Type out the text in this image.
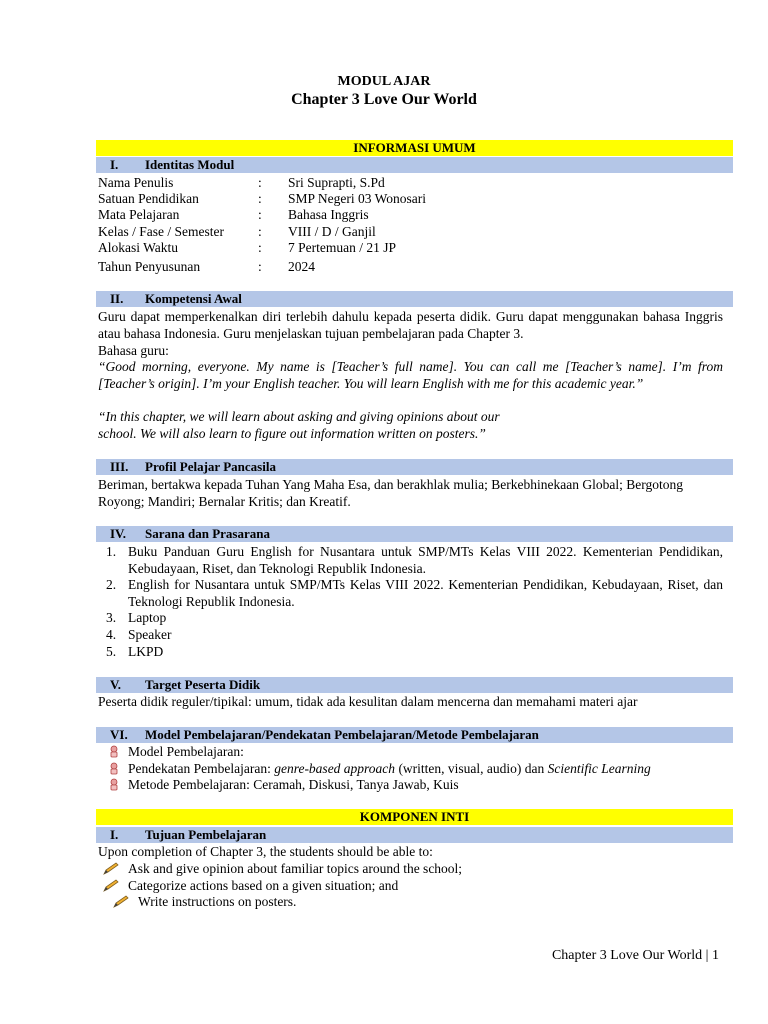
MODUL AJAR
Chapter 3 Love Our World
INFORMASI UMUM
I. Identitas Modul
Nama Penulis	: Sri Suprapti, S.Pd
Satuan Pendidikan	: SMP Negeri 03 Wonosari
Mata Pelajaran	: Bahasa Inggris
Kelas / Fase / Semester	: VIII / D / Ganjil
Alokasi Waktu	: 7 Pertemuan / 21 JP
Tahun Penyusunan	: 2024
II. Kompetensi Awal
Guru dapat memperkenalkan diri terlebih dahulu kepada peserta didik. Guru dapat menggunakan bahasa Inggris atau bahasa Indonesia. Guru menjelaskan tujuan pembelajaran pada Chapter 3.
Bahasa guru:
“Good morning, everyone. My name is [Teacher’s full name]. You can call me [Teacher’s name]. I’m from [Teacher’s origin]. I’m your English teacher. You will learn English with me for this academic year.”
“In this chapter, we will learn about asking and giving opinions about our
school. We will also learn to figure out information written on posters.”
III. Profil Pelajar Pancasila
Beriman, bertakwa kepada Tuhan Yang Maha Esa, dan berakhlak mulia; Berkebhinekaan Global; Bergotong Royong; Mandiri; Bernalar Kritis; dan Kreatif.
IV. Sarana dan Prasarana
1. Buku Panduan Guru English for Nusantara untuk SMP/MTs Kelas VIII 2022. Kementerian Pendidikan, Kebudayaan, Riset, dan Teknologi Republik Indonesia.
2. English for Nusantara untuk SMP/MTs Kelas VIII 2022. Kementerian Pendidikan, Kebudayaan, Riset, dan Teknologi Republik Indonesia.
3. Laptop
4. Speaker
5. LKPD
V. Target Peserta Didik
Peserta didik reguler/tipikal: umum, tidak ada kesulitan dalam mencerna dan memahami materi ajar
VI. Model Pembelajaran/Pendekatan Pembelajaran/Metode Pembelajaran
Model Pembelajaran:
Pendekatan Pembelajaran: genre-based approach (written, visual, audio) dan Scientific Learning
Metode Pembelajaran: Ceramah, Diskusi, Tanya Jawab, Kuis
KOMPONEN INTI
I. Tujuan Pembelajaran
Upon completion of Chapter 3, the students should be able to:
Ask and give opinion about familiar topics around the school;
Categorize actions based on a given situation; and
Write instructions on posters.
Chapter 3 Love Our World | 1
